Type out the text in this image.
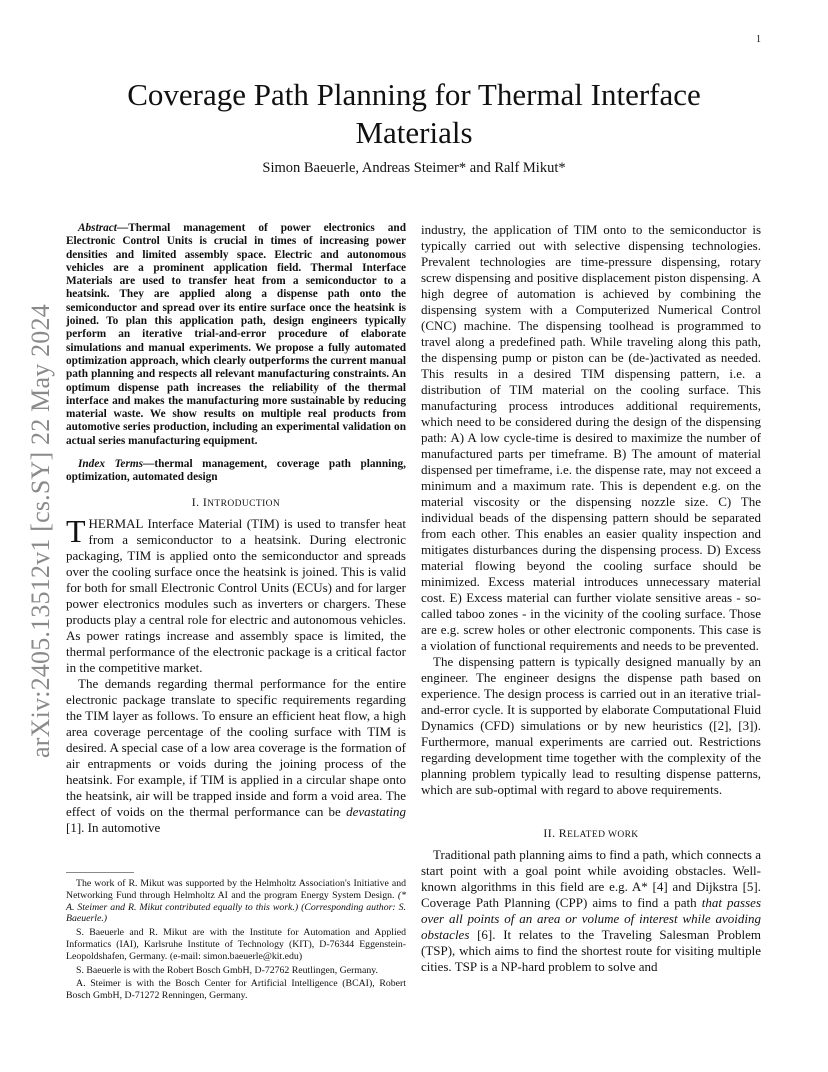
1
arXiv:2405.13512v1 [cs.SY] 22 May 2024
Coverage Path Planning for Thermal Interface
Materials
Simon Baeuerle, Andreas Steimer* and Ralf Mikut*

Abstract—Thermal management of power electronics and Electronic Control Units is crucial in times of increasing power densities and limited assembly space. Electric and autonomous vehicles are a prominent application field. Thermal Interface Materials are used to transfer heat from a semiconductor to a heatsink. They are applied along a dispense path onto the semiconductor and spread over its entire surface once the heatsink is joined. To plan this application path, design engineers typically perform an iterative trial-and-error procedure of elaborate simulations and manual experiments. We propose a fully automated optimization approach, which clearly outperforms the current manual path planning and respects all relevant manufacturing constraints. An optimum dispense path increases the reliability of the thermal interface and makes the manufacturing more sustainable by reducing material waste. We show results on multiple real products from automotive series production, including an experimental validation on actual series manufacturing equipment.

Index Terms—thermal management, coverage path planning, optimization, automated design

I. INTRODUCTION

THERMAL Interface Material (TIM) is used to transfer heat from a semiconductor to a heatsink. During electronic packaging, TIM is applied onto the semiconductor and spreads over the cooling surface once the heatsink is joined. This is valid for both for small Electronic Control Units (ECUs) and for larger power electronics modules such as inverters or chargers. These products play a central role for electric and autonomous vehicles. As power ratings increase and assembly space is limited, the thermal performance of the electronic package is a critical factor in the competitive market.

The demands regarding thermal performance for the entire electronic package translate to specific requirements regarding the TIM layer as follows. To ensure an efficient heat flow, a high area coverage percentage of the cooling surface with TIM is desired. A special case of a low area coverage is the formation of air entrapments or voids during the joining process of the heatsink. For example, if TIM is applied in a circular shape onto the heatsink, air will be trapped inside and form a void area. The effect of voids on the thermal performance can be devastating [1]. In automotive

The work of R. Mikut was supported by the Helmholtz Association's Initiative and Networking Fund through Helmholtz AI and the program Energy System Design. (* A. Steimer and R. Mikut contributed equally to this work.) (Corresponding author: S. Baeuerle.)

S. Baeuerle and R. Mikut are with the Institute for Automation and Applied Informatics (IAI), Karlsruhe Institute of Technology (KIT), D-76344 Eggenstein-Leopoldshafen, Germany. (e-mail: simon.baeuerle@kit.edu)

S. Baeuerle is with the Robert Bosch GmbH, D-72762 Reutlingen, Germany.

A. Steimer is with the Bosch Center for Artificial Intelligence (BCAI), Robert Bosch GmbH, D-71272 Renningen, Germany.

industry, the application of TIM onto to the semiconductor is typically carried out with selective dispensing technologies. Prevalent technologies are time-pressure dispensing, rotary screw dispensing and positive displacement piston dispensing. A high degree of automation is achieved by combining the dispensing system with a Computerized Numerical Control (CNC) machine. The dispensing toolhead is programmed to travel along a predefined path. While traveling along this path, the dispensing pump or piston can be (de-)activated as needed. This results in a desired TIM dispensing pattern, i.e. a distribution of TIM material on the cooling surface. This manufacturing process introduces additional requirements, which need to be considered during the design of the dispensing path: A) A low cycle-time is desired to maximize the number of manufactured parts per timeframe. B) The amount of material dispensed per timeframe, i.e. the dispense rate, may not exceed a minimum and a maximum rate. This is dependent e.g. on the material viscosity or the dispensing nozzle size. C) The individual beads of the dispensing pattern should be separated from each other. This enables an easier quality inspection and mitigates disturbances during the dispensing process. D) Excess material flowing beyond the cooling surface should be minimized. Excess material introduces unnecessary material cost. E) Excess material can further violate sensitive areas - so-called taboo zones - in the vicinity of the cooling surface. Those are e.g. screw holes or other electronic components. This case is a violation of functional requirements and needs to be prevented.

The dispensing pattern is typically designed manually by an engineer. The engineer designs the dispense path based on experience. The design process is carried out in an iterative trial-and-error cycle. It is supported by elaborate Computational Fluid Dynamics (CFD) simulations or by new heuristics ([2], [3]). Furthermore, manual experiments are carried out. Restrictions regarding development time together with the complexity of the planning problem typically lead to resulting dispense patterns, which are sub-optimal with regard to above requirements.

II. RELATED WORK

Traditional path planning aims to find a path, which connects a start point with a goal point while avoiding obstacles. Well-known algorithms in this field are e.g. A* [4] and Dijkstra [5]. Coverage Path Planning (CPP) aims to find a path that passes over all points of an area or volume of interest while avoiding obstacles [6]. It relates to the Traveling Salesman Problem (TSP), which aims to find the shortest route for visiting multiple cities. TSP is a NP-hard problem to solve and
